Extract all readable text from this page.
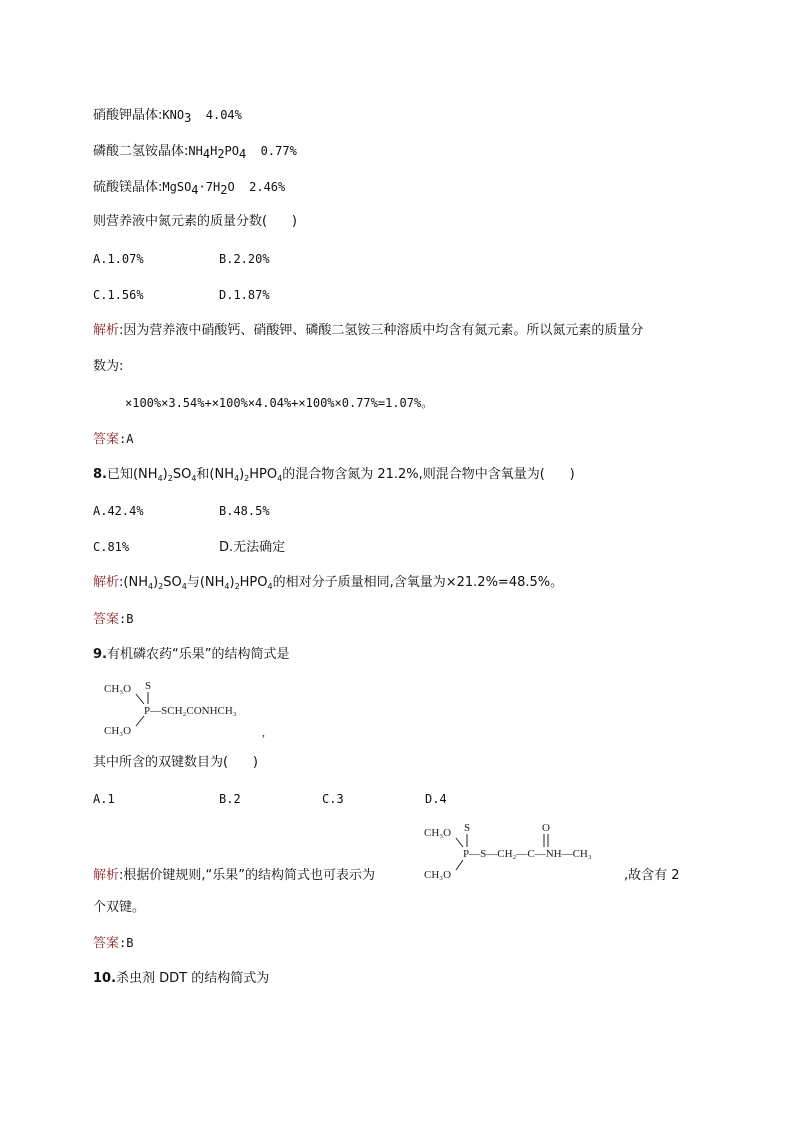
硝酸钾晶体$:KNO_3$  4.04%
磷酸二氢铵晶体$:NH_4H_2PO_4$  0.77%
硫酸镁晶体$:MgSO_4\cdot 7H_2O$  2.46%
则营养液中氮元素的质量分数(      )
A.1.07%	B.2.20%
C.1.56%	D.1.87%
解析:因为营养液中硝酸钙、硝酸钾、磷酸二氢铵三种溶质中均含有氮元素。所以氮元素的质量分
数为:
×100%×3.54%+×100%×4.04%+×100%×0.77%=1.07%。
答案:A
8.已知$(NH_4)_2SO_4$和$(NH_4)_2HPO_4$的混合物含氮为 21.2%,则混合物中含氧量为(      )
A.42.4%	B.48.5%
C.81%	D.无法确定
解析$:(NH_4)_2SO_4$与$(NH_4)_2HPO_4$的相对分子质量相同,含氧量为×21.2%=48.5%。
答案:B
9.有机磷农药“乐果”的结构简式是
S
CH₃O
P—SCH₂CONHCH₃
CH₃O	,
其中所含的双键数目为(      )
A.1	B.2	C.3	D.4
S	O
CH₃O
P—S—CH₂—C—NH—CH₃
CH₃O
解析:根据价键规则,“乐果”的结构简式也可表示为	,故含有 2
个双键。
答案:B
10.杀虫剂 DDT 的结构简式为
